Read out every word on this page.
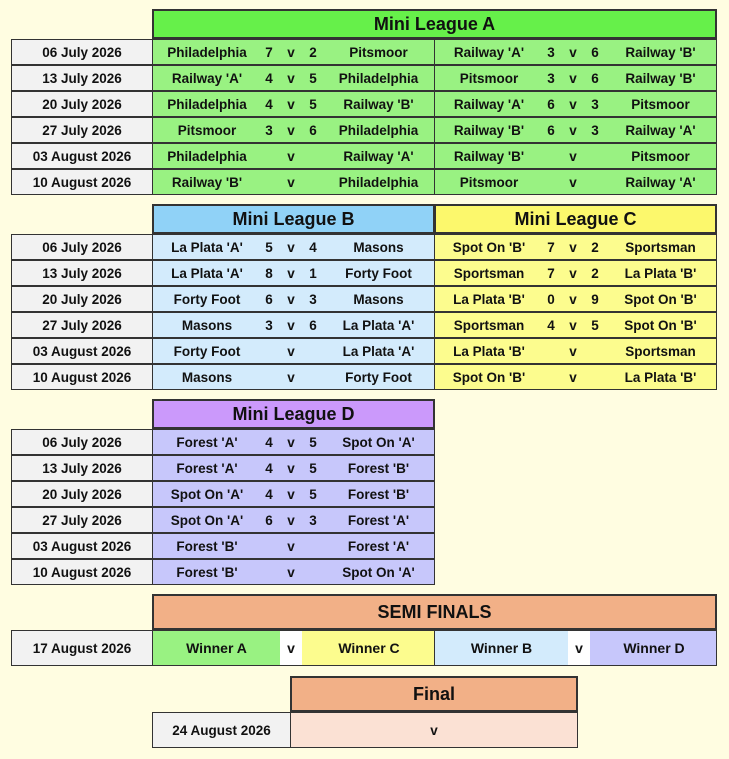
Mini League A
06 July 2026	Philadelphia	7	v	2	Pitsmoor	Railway 'A'	3	v	6	Railway 'B'
13 July 2026	Railway 'A'	4	v	5	Philadelphia	Pitsmoor	3	v	6	Railway 'B'
20 July 2026	Philadelphia	4	v	5	Railway 'B'	Railway 'A'	6	v	3	Pitsmoor
27 July 2026	Pitsmoor	3	v	6	Philadelphia	Railway 'B'	6	v	3	Railway 'A'
03 August 2026	Philadelphia	v	Railway 'A'	Railway 'B'	v	Pitsmoor
10 August 2026	Railway 'B'	v	Philadelphia	Pitsmoor	v	Railway 'A'
Mini League B	Mini League C
06 July 2026	La Plata 'A'	5	v	4	Masons	Spot On 'B'	7	v	2	Sportsman
13 July 2026	La Plata 'A'	8	v	1	Forty Foot	Sportsman	7	v	2	La Plata 'B'
20 July 2026	Forty Foot	6	v	3	Masons	La Plata 'B'	0	v	9	Spot On 'B'
27 July 2026	Masons	3	v	6	La Plata 'A'	Sportsman	4	v	5	Spot On 'B'
03 August 2026	Forty Foot	v	La Plata 'A'	La Plata 'B'	v	Sportsman
10 August 2026	Masons	v	Forty Foot	Spot On 'B'	v	La Plata 'B'
Mini League D
06 July 2026	Forest 'A'	4	v	5	Spot On 'A'
13 July 2026	Forest 'A'	4	v	5	Forest 'B'
20 July 2026	Spot On 'A'	4	v	5	Forest 'B'
27 July 2026	Spot On 'A'	6	v	3	Forest 'A'
03 August 2026	Forest 'B'	v	Forest 'A'
10 August 2026	Forest 'B'	v	Spot On 'A'
SEMI FINALS
17 August 2026	Winner A	v	Winner C	Winner B	v	Winner D
Final
24 August 2026	v
